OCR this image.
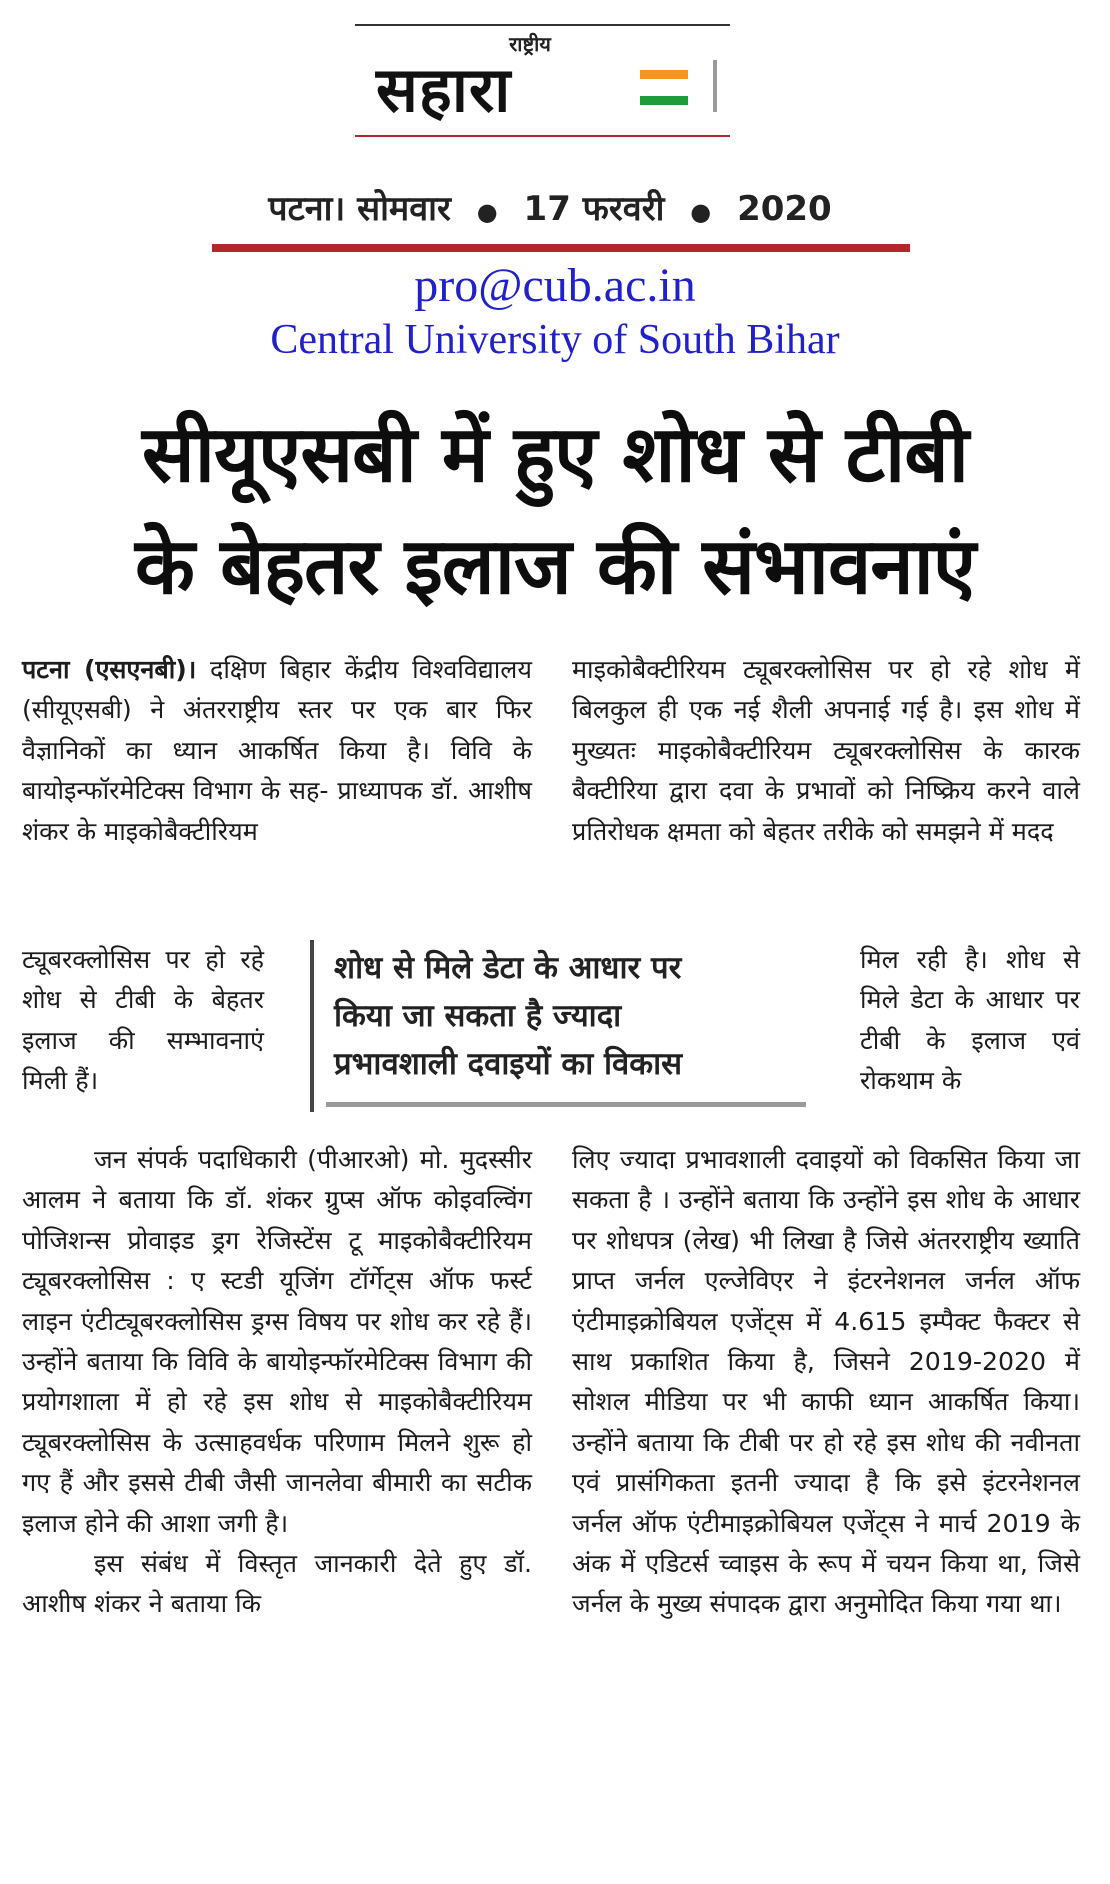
राष्ट्रीय
सहारा
पटना। सोमवार ● 17 फरवरी ● 2020
pro@cub.ac.in
Central University of South Bihar
सीयूएसबी में हुए शोध से टीबी
के बेहतर इलाज की संभावनाएं

पटना (एसएनबी)। दक्षिण बिहार केंद्रीय विश्वविद्यालय (सीयूएसबी) ने अंतरराष्ट्रीय स्तर पर एक बार फिर वैज्ञानिकों का ध्यान आकर्षित किया है। विवि के बायोइन्फॉरमेटिक्स विभाग के सह- प्राध्यापक डॉ. आशीष शंकर के माइकोबैक्टीरियम

ट्यूबरक्लोसिस पर हो रहे शोध से टीबी के बेहतर इलाज की सम्भावनाएं मिली हैं।

जन संपर्क पदाधिकारी (पीआरओ) मो. मुदस्सीर आलम ने बताया कि डॉ. शंकर ग्रुप्स ऑफ कोइवल्विंग पोजिशन्स प्रोवाइड ड्रग रेजिस्टेंस टू माइकोबैक्टीरियम ट्यूबरक्लोसिस : ए स्टडी यूजिंग टॉर्गेट्स ऑफ फर्स्ट लाइन एंटीट्यूबरक्लोसिस ड्रग्स विषय पर शोध कर रहे हैं। उन्होंने बताया कि विवि के बायोइन्फॉरमेटिक्स विभाग की प्रयोगशाला में हो रहे इस शोध से माइकोबैक्टीरियम ट्यूबरक्लोसिस के उत्साहवर्धक परिणाम मिलने शुरू हो गए हैं और इससे टीबी जैसी जानलेवा बीमारी का सटीक इलाज होने की आशा जगी है।

इस संबंध में विस्तृत जानकारी देते हुए डॉ. आशीष शंकर ने बताया कि

शोध से मिले डेटा के आधार पर
किया जा सकता है ज्यादा
प्रभावशाली दवाइयों का विकास
माइकोबैक्टीरियम ट्यूबरक्लोसिस पर हो रहे शोध में बिलकुल ही एक नई शैली अपनाई गई है। इस शोध में मुख्यतः माइकोबैक्टीरियम ट्यूबरक्लोसिस के कारक बैक्टीरिया द्वारा दवा के प्रभावों को निष्क्रिय करने वाले प्रतिरोधक क्षमता को बेहतर तरीके को समझने में मदद
मिल रही है। शोध से मिले डेटा के आधार पर टीबी के इलाज एवं रोकथाम के
लिए ज्यादा प्रभावशाली दवाइयों को विकसित किया जा सकता है । उन्होंने बताया कि उन्होंने इस शोध के आधार पर शोधपत्र (लेख) भी लिखा है जिसे अंतरराष्ट्रीय ख्याति प्राप्त जर्नल एल्जेविएर ने इंटरनेशनल जर्नल ऑफ एंटीमाइक्रोबियल एजेंट्स में 4.615 इम्पैक्ट फैक्टर से साथ प्रकाशित किया है, जिसने 2019-2020 में सोशल मीडिया पर भी काफी ध्यान आकर्षित किया। उन्होंने बताया कि टीबी पर हो रहे इस शोध की नवीनता एवं प्रासंगिकता इतनी ज्यादा है कि इसे इंटरनेशनल जर्नल ऑफ एंटीमाइक्रोबियल एजेंट्स ने मार्च 2019 के अंक में एडिटर्स च्वाइस के रूप में चयन किया था, जिसे जर्नल के मुख्य संपादक द्वारा अनुमोदित किया गया था।
